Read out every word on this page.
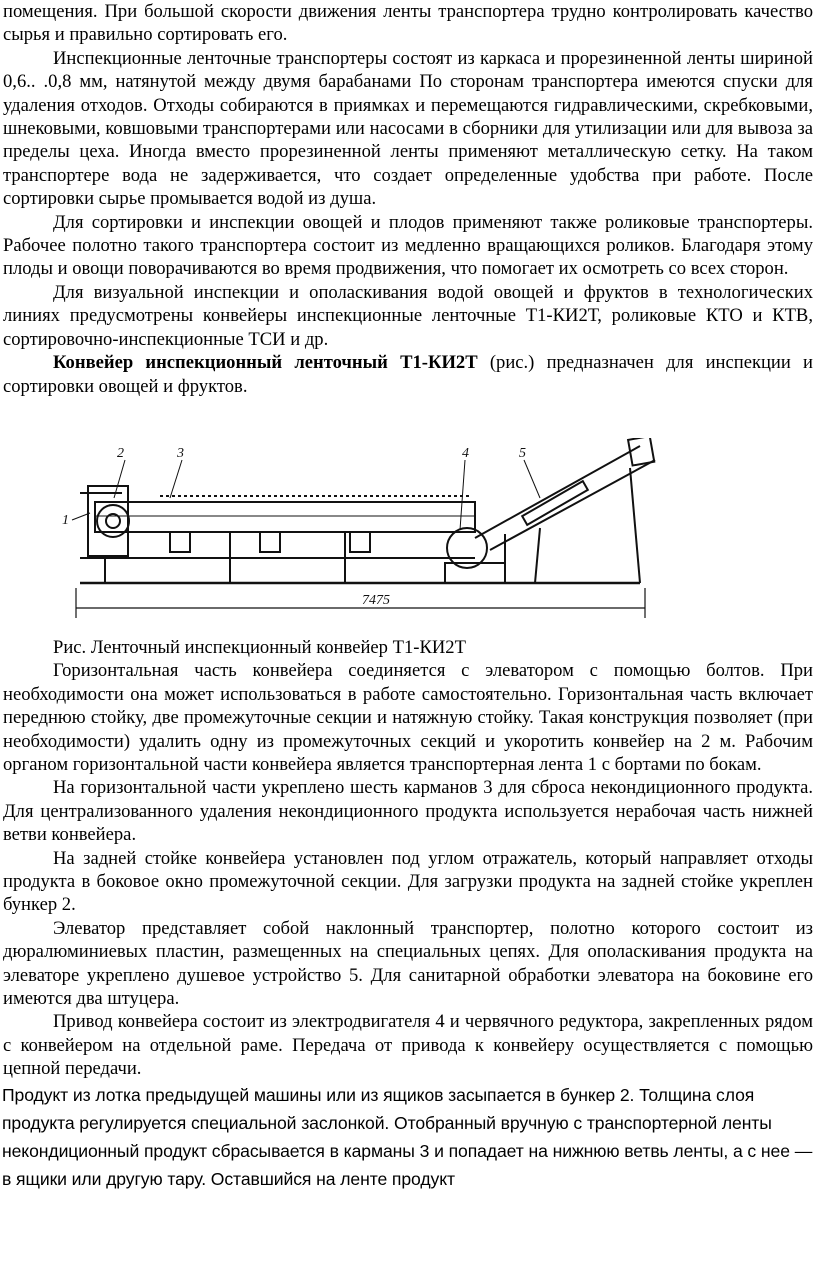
помещения. При большой скорости движения ленты транспортера трудно контролировать качество сырья и правильно сортировать его.

Инспекционные ленточные транспортеры состоят из каркаса и прорезиненной ленты шириной 0,6.. .0,8 мм, натянутой между двумя барабанами По сторонам транспортера имеются спуски для удаления отходов. Отходы собираются в приямках и перемещаются гидравлическими, скребковыми, шнековыми, ковшовыми транспортерами или насосами в сборники для утилизации или для вывоза за пределы цеха. Иногда вместо прорезиненной ленты применяют металлическую сетку. На таком транспортере вода не задерживается, что создает определенные удобства при работе. После сортировки сырье промывается водой из душа.

Для сортировки и инспекции овощей и плодов применяют также роликовые транспортеры. Рабочее полотно такого транспортера состоит из медленно вращающихся роликов. Благодаря этому плоды и овощи поворачиваются во время продвижения, что помогает их осмотреть со всех сторон.

Для визуальной инспекции и ополаскивания водой овощей и фруктов в технологических линиях предусмотрены конвейеры инспекционные ленточные Т1-КИ2Т, роликовые КТО и КТВ, сортировочно-инспекционные ТСИ и др.

Конвейер инспекционный ленточный Т1-КИ2Т (рис.) предназначен для инспекции и сортировки овощей и фруктов.

1
2	3	4	5
7475

Рис. Ленточный инспекционный конвейер Т1-КИ2Т

Горизонтальная часть конвейера соединяется с элеватором с помощью болтов. При необходимости она может использоваться в работе самостоятельно. Горизонтальная часть включает переднюю стойку, две промежуточные секции и натяжную стойку. Такая конструкция позволяет (при необходимости) удалить одну из промежуточных секций и укоротить конвейер на 2 м. Рабочим органом горизонтальной части конвейера является транспортерная лента 1 с бортами по бокам.

На горизонтальной части укреплено шесть карманов 3 для сброса некондиционного продукта. Для централизованного удаления некондиционного продукта используется нерабочая часть нижней ветви конвейера.

На задней стойке конвейера установлен под углом отражатель, который направляет отходы продукта в боковое окно промежуточной секции. Для загрузки продукта на задней стойке укреплен бункер 2.

Элеватор представляет собой наклонный транспортер, полотно которого состоит из дюралюминиевых пластин, размещенных на специальных цепях. Для ополаскивания продукта на элеваторе укреплено душевое устройство 5. Для санитарной обработки элеватора на боковине его имеются два штуцера.

Привод конвейера состоит из электродвигателя 4 и червячного редуктора, закрепленных рядом с конвейером на отдельной раме. Передача от привода к конвейеру осуществляется с помощью цепной передачи.

Продукт из лотка предыдущей машины или из ящиков засыпается в бункер 2. Толщина слоя продукта регулируется специальной заслонкой. Отобранный вручную с транспортерной ленты некондиционный продукт сбрасывается в карманы 3 и попадает на нижнюю ветвь ленты, а с нее — в ящики или другую тару. Оставшийся на ленте продукт
